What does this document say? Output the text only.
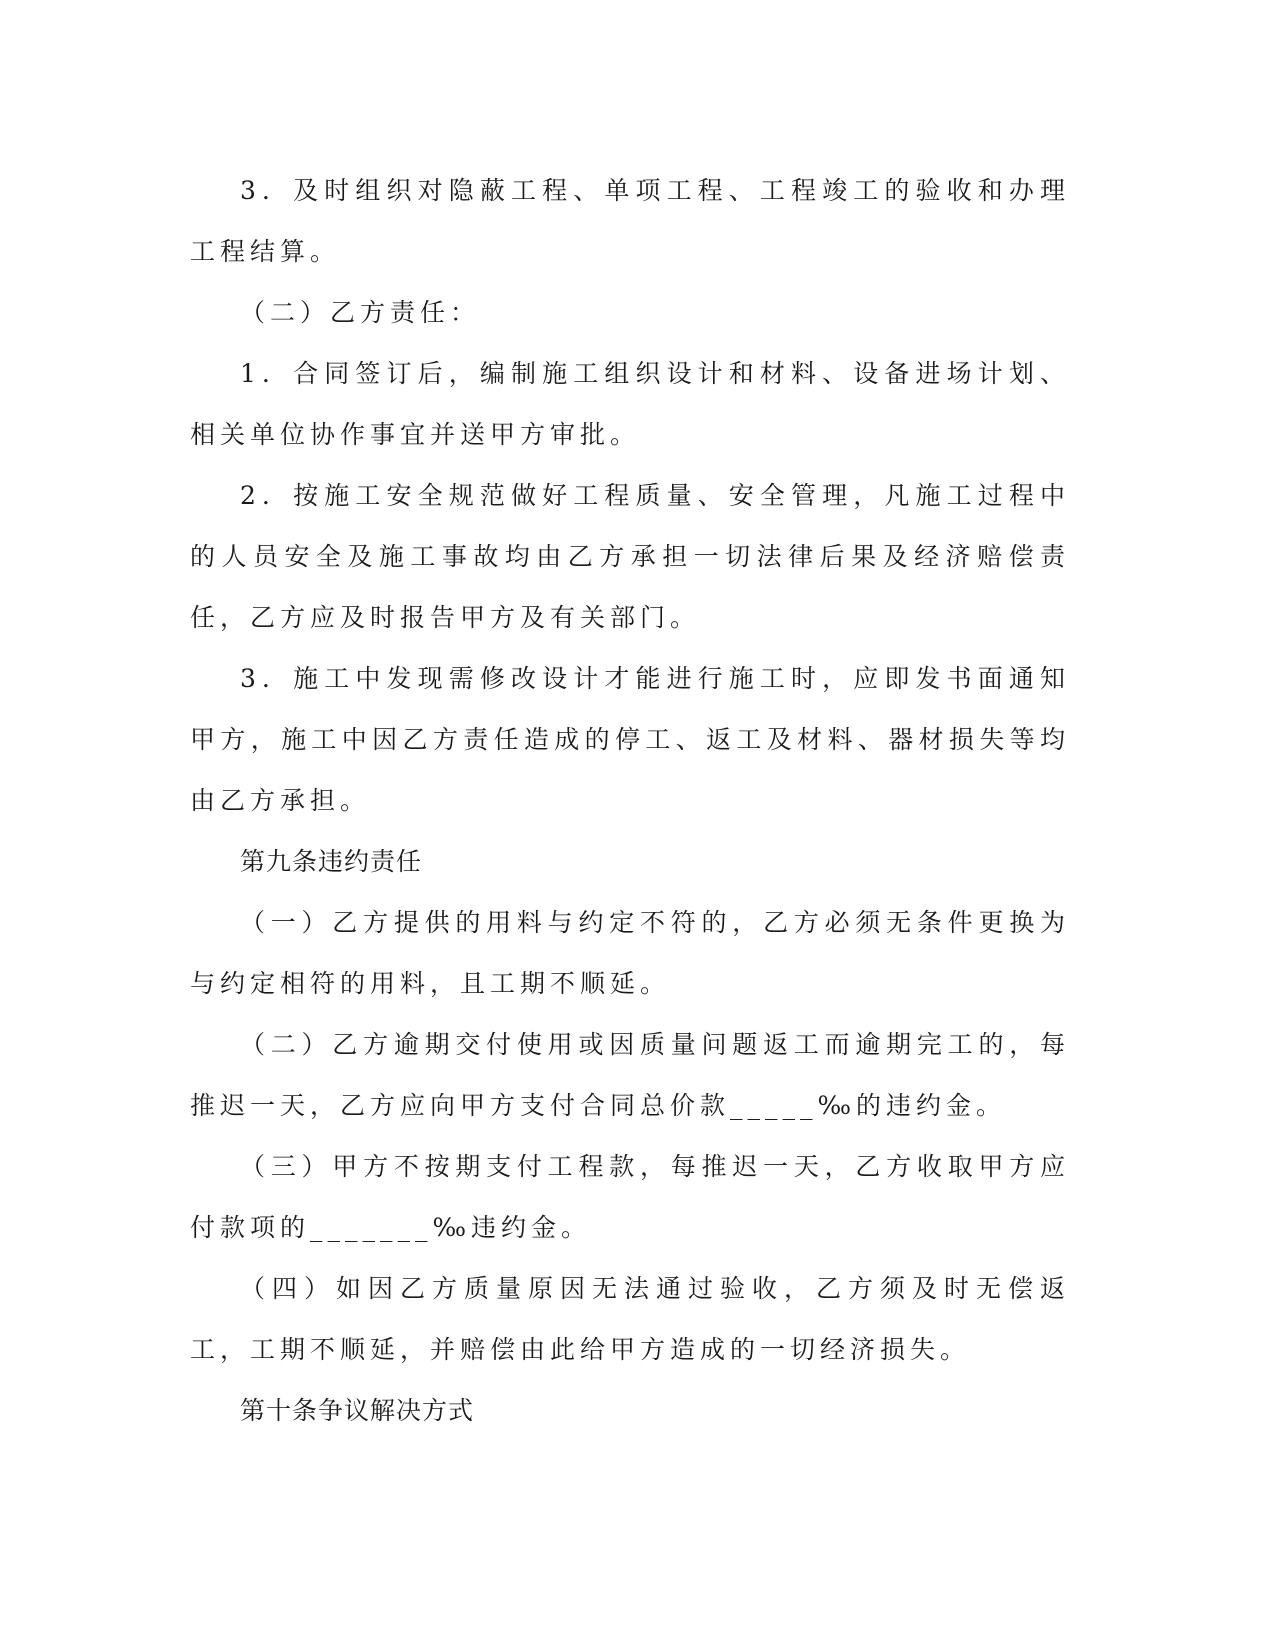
3．及时组织对隐蔽工程、单项工程、工程竣工的验收和办理工程结算。

（二）乙方责任：

1．合同签订后，编制施工组织设计和材料、设备进场计划、相关单位协作事宜并送甲方审批。

2．按施工安全规范做好工程质量、安全管理，凡施工过程中的人员安全及施工事故均由乙方承担一切法律后果及经济赔偿责任，乙方应及时报告甲方及有关部门。

3．施工中发现需修改设计才能进行施工时，应即发书面通知甲方，施工中因乙方责任造成的停工、返工及材料、器材损失等均由乙方承担。

第九条违约责任

（一）乙方提供的用料与约定不符的，乙方必须无条件更换为与约定相符的用料，且工期不顺延。

（二）乙方逾期交付使用或因质量问题返工而逾期完工的，每推迟一天，乙方应向甲方支付合同总价款_____‰的违约金。

（三）甲方不按期支付工程款，每推迟一天，乙方收取甲方应付款项的_______‰违约金。

（四）如因乙方质量原因无法通过验收，乙方须及时无偿返工，工期不顺延，并赔偿由此给甲方造成的一切经济损失。

第十条争议解决方式
